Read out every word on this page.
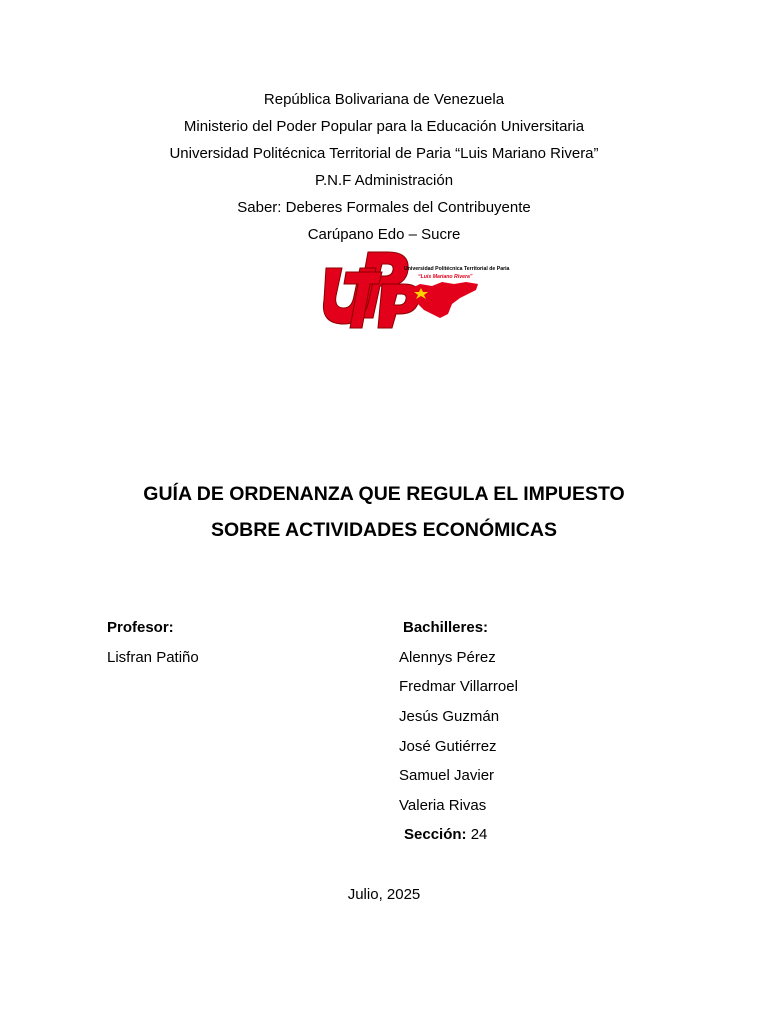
República Bolivariana de Venezuela
Ministerio del Poder Popular para la Educación Universitaria
Universidad Politécnica Territorial de Paria “Luis Mariano Rivera”
P.N.F Administración
Saber: Deberes Formales del Contribuyente
Carúpano Edo – Sucre
Universidad Politécnica Territorial de Paria
“Luis Mariano Rivera”
GUÍA DE ORDENANZA QUE REGULA EL IMPUESTO
SOBRE ACTIVIDADES ECONÓMICAS
Profesor:
Lisfran Patiño
Bachilleres:
Alennys Pérez
Fredmar Villarroel
Jesús Guzmán
José Gutiérrez
Samuel Javier
Valeria Rivas
Sección: 24
Julio, 2025
